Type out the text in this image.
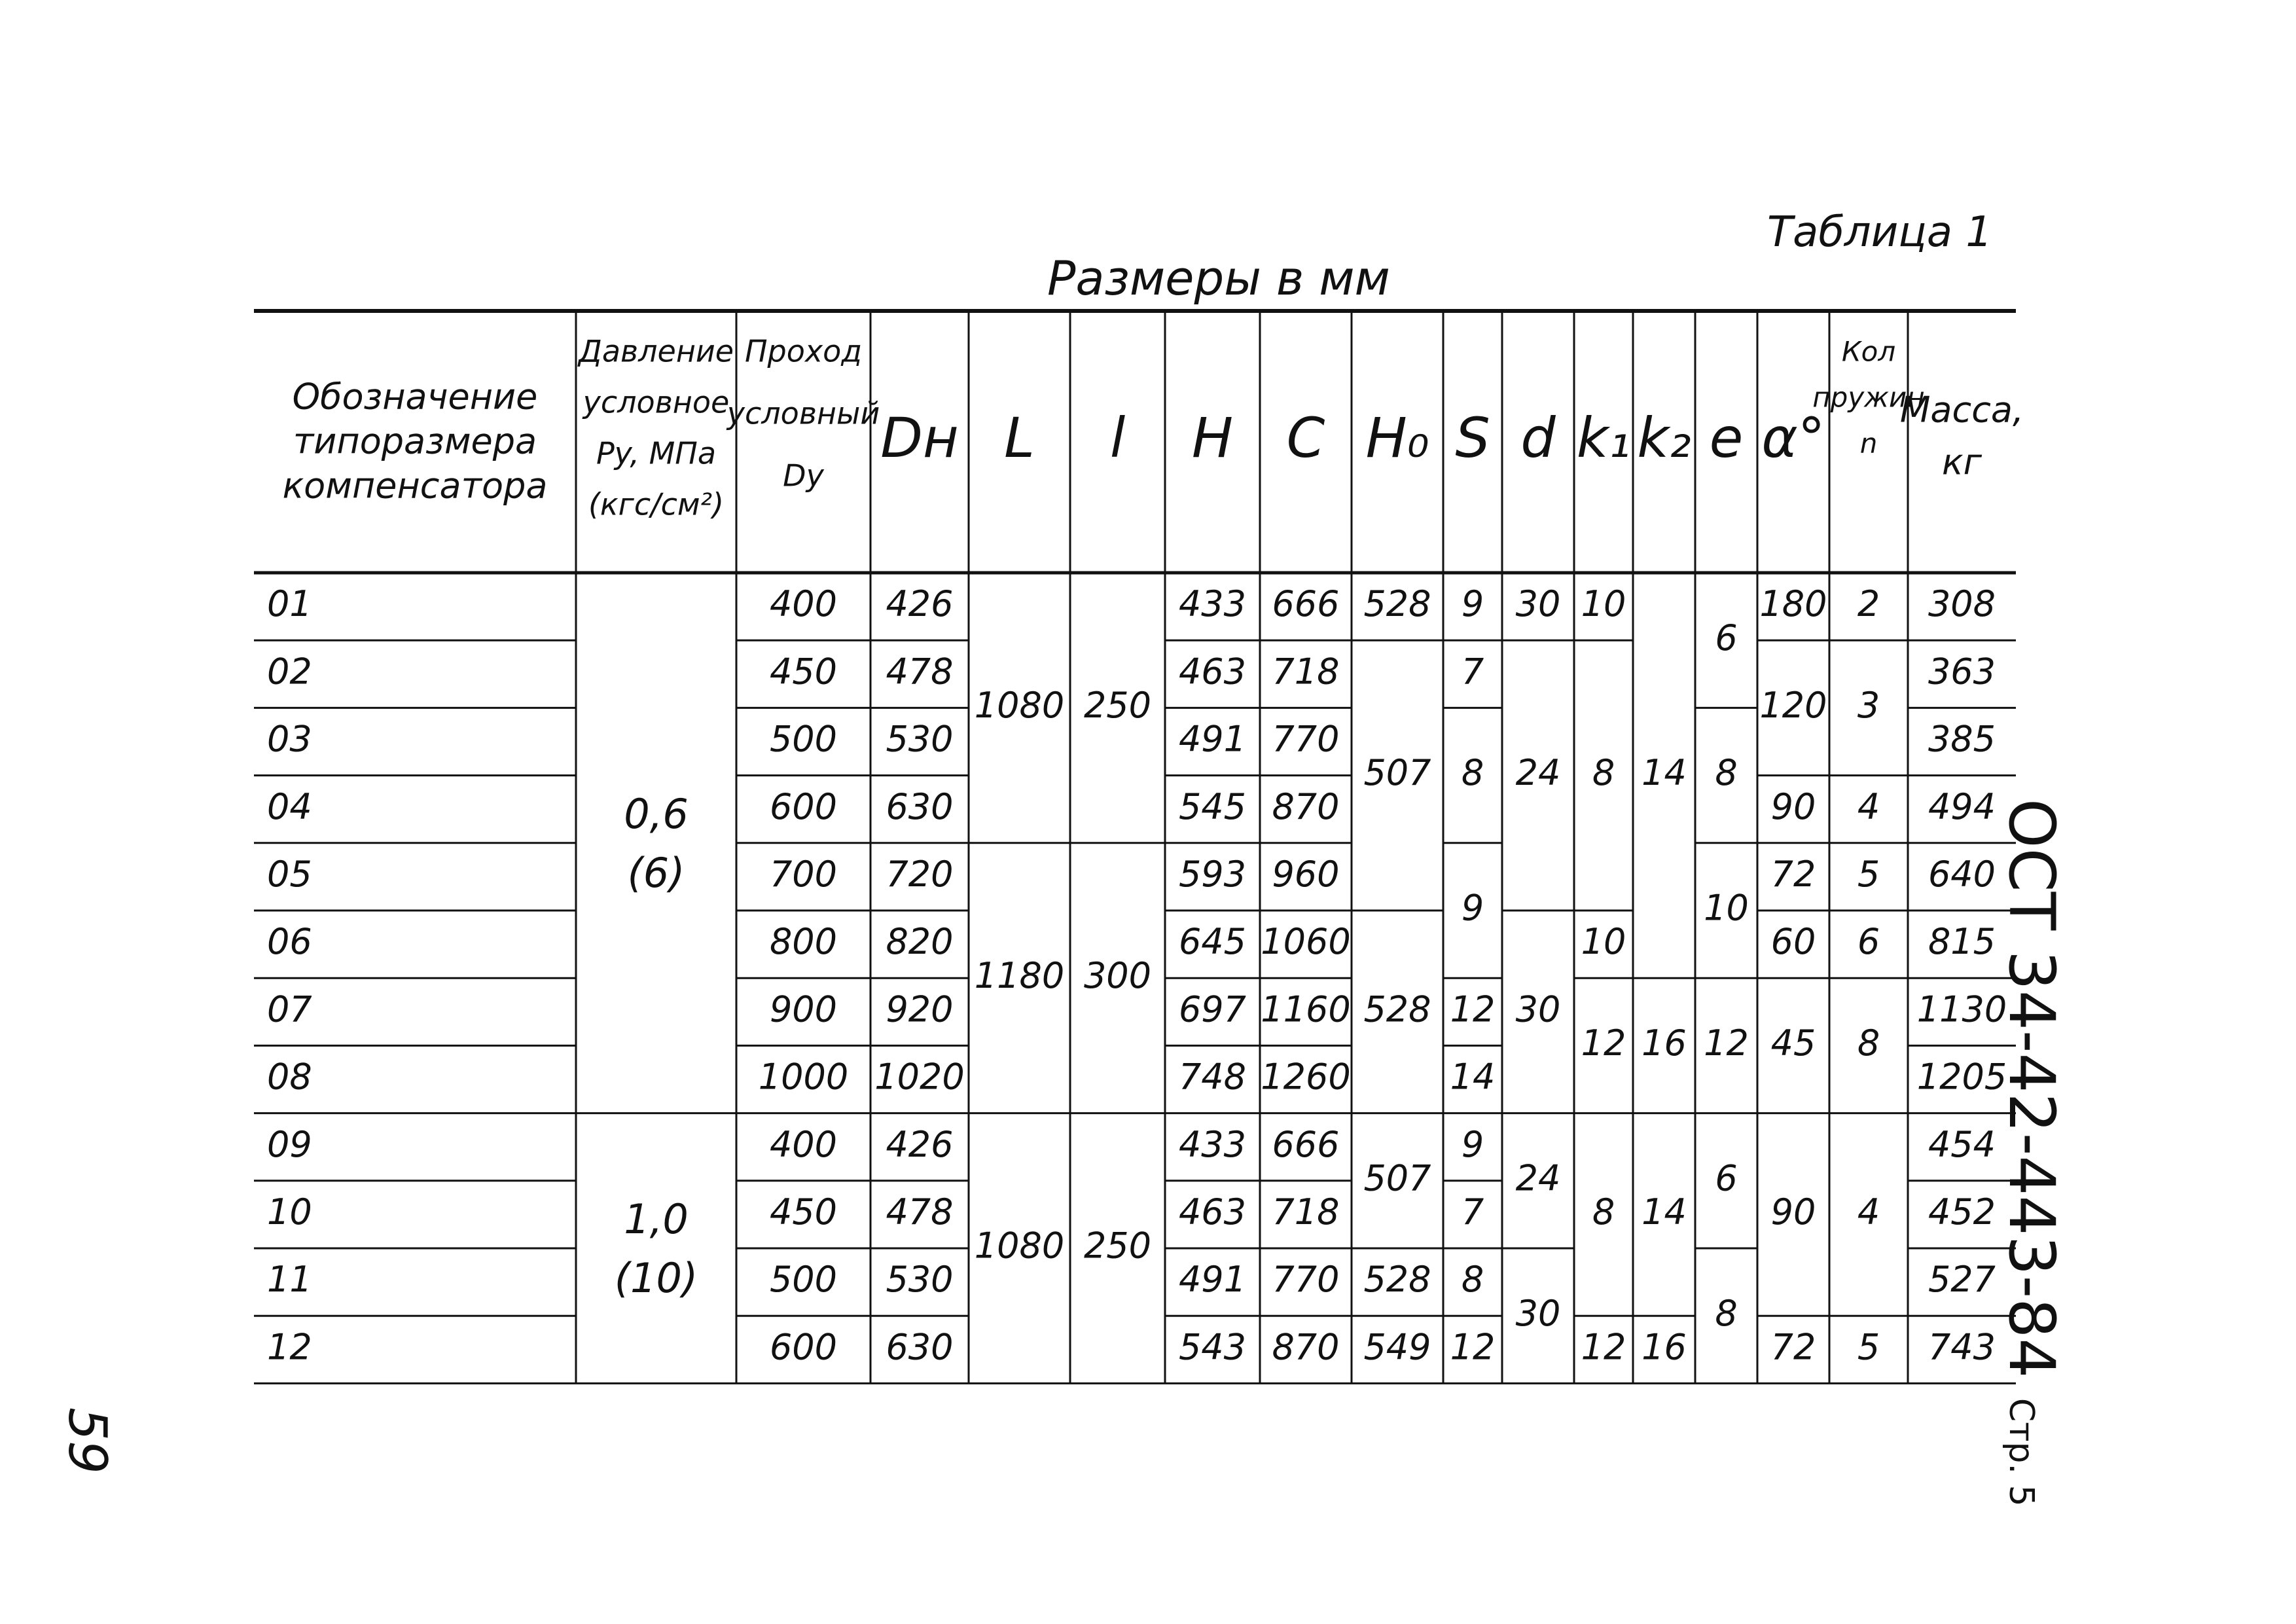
Таблица 1
Размеры в мм
01
02
03
04
05
06
07
08
09
10
11
12
0,6
(6)
1,0
(10)
400
450
500
600
700
800
900
1000
400
450
500
600
426
478
530
630
720
820
920
1020
426
478
530
630
1080
1180
1080
250
300
250
433
463
491
545
593
645
697
748
433
463
491
543
666
718
770
870
960
1060
1160
1260
666
718
770
870
528
507
528
507
528
549
9
7
8
9
12
14
9
7
8
12
30
24
30
24
30
10
8
10
12
8
12
14
16
14
16
6
8
10
12
6
8
180
120
90
72
60
45
90
72
2
3
4
5
6
8
4
5
308
363
385
494
640
815
1130
1205
454
452
527
743
Обозначение
типоразмера
компенсатора
Давление
условное
Py, МПа
(кгс/см²)
Проход
условный
Dy
Dн L l H C H₀ S d k₁ k₂ e α°
Кол
пружин
n
Масса,
кг
ОСТ 34-42-443-84 Стр. 5
59
